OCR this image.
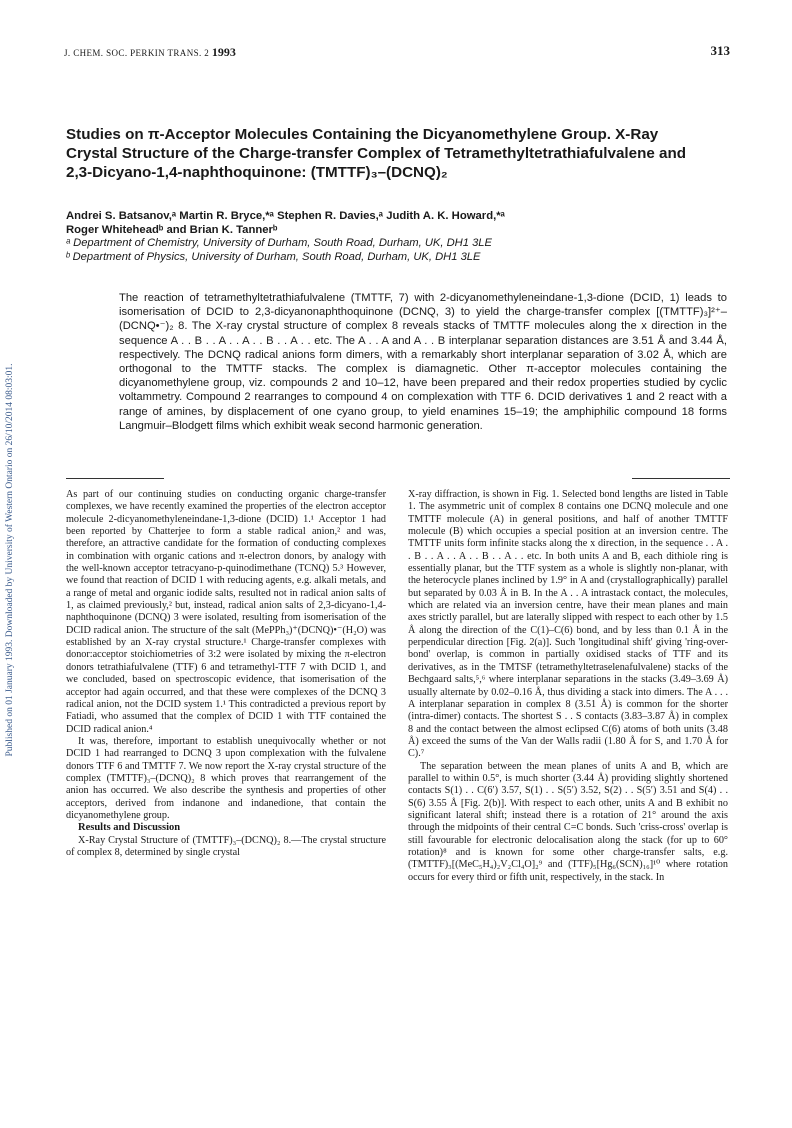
Published on 01 January 1993. Downloaded by University of Western Ontario on 26/10/2014 08:03:01.
J. CHEM. SOC. PERKIN TRANS. 2 1993	313
Studies on π-Acceptor Molecules Containing the Dicyanomethylene Group. X-Ray Crystal Structure of the Charge-transfer Complex of Tetramethyltetrathiafulvalene and 2,3-Dicyano-1,4-naphthoquinone: (TMTTF)₃–(DCNQ)₂
Andrei S. Batsanov,ᵃ Martin R. Bryce,*ᵃ Stephen R. Davies,ᵃ Judith A. K. Howard,*ᵃ
Roger Whiteheadᵇ and Brian K. Tannerᵇ
ᵃ Department of Chemistry, University of Durham, South Road, Durham, UK, DH1 3LE
ᵇ Department of Physics, University of Durham, South Road, Durham, UK, DH1 3LE

The reaction of tetramethyltetrathiafulvalene (TMTTF, 7) with 2-dicyanomethyleneindane-1,3-dione (DCID, 1) leads to isomerisation of DCID to 2,3-dicyanonaphthoquinone (DCNQ, 3) to yield the charge-transfer complex [(TMTTF)₃]²⁺–(DCNQ•⁻)₂ 8. The X-ray crystal structure of complex 8 reveals stacks of TMTTF molecules along the x direction in the sequence A . . B . . A . . A . . B . . A . . etc. The A . . A and A . . B interplanar separation distances are 3.51 Å and 3.44 Å, respectively. The DCNQ radical anions form dimers, with a remarkably short interplanar separation of 3.02 Å, which are orthogonal to the TMTTF stacks. The complex is diamagnetic. Other π-acceptor molecules containing the dicyanomethylene group, viz. compounds 2 and 10–12, have been prepared and their redox properties studied by cyclic voltammetry. Compound 2 rearranges to compound 4 on complexation with TTF 6. DCID derivatives 1 and 2 react with a range of amines, by displacement of one cyano group, to yield enamines 15–19; the amphiphilic compound 18 forms Langmuir–Blodgett films which exhibit weak second harmonic generation.

As part of our continuing studies on conducting organic charge-transfer complexes, we have recently examined the properties of the electron acceptor molecule 2-dicyanomethyleneindane-1,3-dione (DCID) 1.¹ Acceptor 1 had been reported by Chatterjee to form a stable radical anion,² and was, therefore, an attractive candidate for the formation of conducting complexes in combination with organic cations and π-electron donors, by analogy with the well-known acceptor tetracyano-p-quinodimethane (TCNQ) 5.³ However, we found that reaction of DCID 1 with reducing agents, e.g. alkali metals, and a range of metal and organic iodide salts, resulted not in radical anion salts of 1, as claimed previously,² but, instead, radical anion salts of 2,3-dicyano-1,4-naphthoquinone (DCNQ) 3 were isolated, resulting from isomerisation of the DCID radical anion. The structure of the salt (MePPh₃)⁺(DCNQ)•⁻(H₂O) was established by an X-ray crystal structure.¹ Charge-transfer complexes with donor:acceptor stoichiometries of 3:2 were isolated by mixing the π-electron donors tetrathiafulvalene (TTF) 6 and tetramethyl-TTF 7 with DCID 1, and we concluded, based on spectroscopic evidence, that isomerisation of the acceptor had again occurred, and that these were complexes of the DCNQ 3 radical anion, not the DCID system 1.¹ This contradicted a previous report by Fatiadi, who assumed that the complex of DCID 1 with TTF contained the DCID radical anion.⁴

It was, therefore, important to establish unequivocally whether or not DCID 1 had rearranged to DCNQ 3 upon complexation with the fulvalene donors TTF 6 and TMTTF 7. We now report the X-ray crystal structure of the complex (TMTTF)₃–(DCNQ)₂ 8 which proves that rearrangement of the anion has occurred. We also describe the synthesis and properties of other acceptors, derived from indanone and indanedione, that contain the dicyanomethylene group.

Results and Discussion

X-Ray Crystal Structure of (TMTTF)₃–(DCNQ)₂ 8.—The crystal structure of complex 8, determined by single crystal

X-ray diffraction, is shown in Fig. 1. Selected bond lengths are listed in Table 1. The asymmetric unit of complex 8 contains one DCNQ molecule and one TMTTF molecule (A) in general positions, and half of another TMTTF molecule (B) which occupies a special position at an inversion centre. The TMTTF units form infinite stacks along the x direction, in the sequence . . A . . B . . A . . A . . B . . A . . etc. In both units A and B, each dithiole ring is essentially planar, but the TTF system as a whole is slightly non-planar, with the heterocycle planes inclined by 1.9° in A and (crystallographically) parallel but separated by 0.03 Å in B. In the A . . A intrastack contact, the molecules, which are related via an inversion centre, have their mean planes and main axes strictly parallel, but are laterally slipped with respect to each other by 1.5 Å along the direction of the C(1)–C(6) bond, and by less than 0.1 Å in the perpendicular direction [Fig. 2(a)]. Such 'longitudinal shift' giving 'ring-over-bond' overlap, is common in partially oxidised stacks of TTF and its derivatives, as in the TMTSF (tetramethyltetraselenafulvalene) stacks of the Bechgaard salts,⁵,⁶ where interplanar separations in the stacks (3.49–3.69 Å) usually alternate by 0.02–0.16 Å, thus dividing a stack into dimers. The A . . . A interplanar separation in complex 8 (3.51 Å) is common for the shorter (intra-dimer) contacts. The shortest S . . S contacts (3.83–3.87 Å) in complex 8 and the contact between the almost eclipsed C(6) atoms of both units (3.48 Å) exceed the sums of the Van der Walls radii (1.80 Å for S, and 1.70 Å for C).⁷

The separation between the mean planes of units A and B, which are parallel to within 0.5°, is much shorter (3.44 Å) providing slightly shortened contacts S(1) . . C(6′) 3.57, S(1) . . S(5′) 3.52, S(2) . . S(5′) 3.51 and S(4) . . S(6) 3.55 Å [Fig. 2(b)]. With respect to each other, units A and B exhibit no significant lateral shift; instead there is a rotation of 21° around the axis through the midpoints of their central C=C bonds. Such 'criss-cross' overlap is still favourable for electronic delocalisation along the stack (for up to 60° rotation)⁸ and is known for some other charge-transfer salts, e.g. (TMTTF)₃[(MeC₅H₄)₂V₂Cl₄O]₂⁹ and (TTF)₅[Hg₆(SCN)₁₆]¹⁰ where rotation occurs for every third or fifth unit, respectively, in the stack. In
